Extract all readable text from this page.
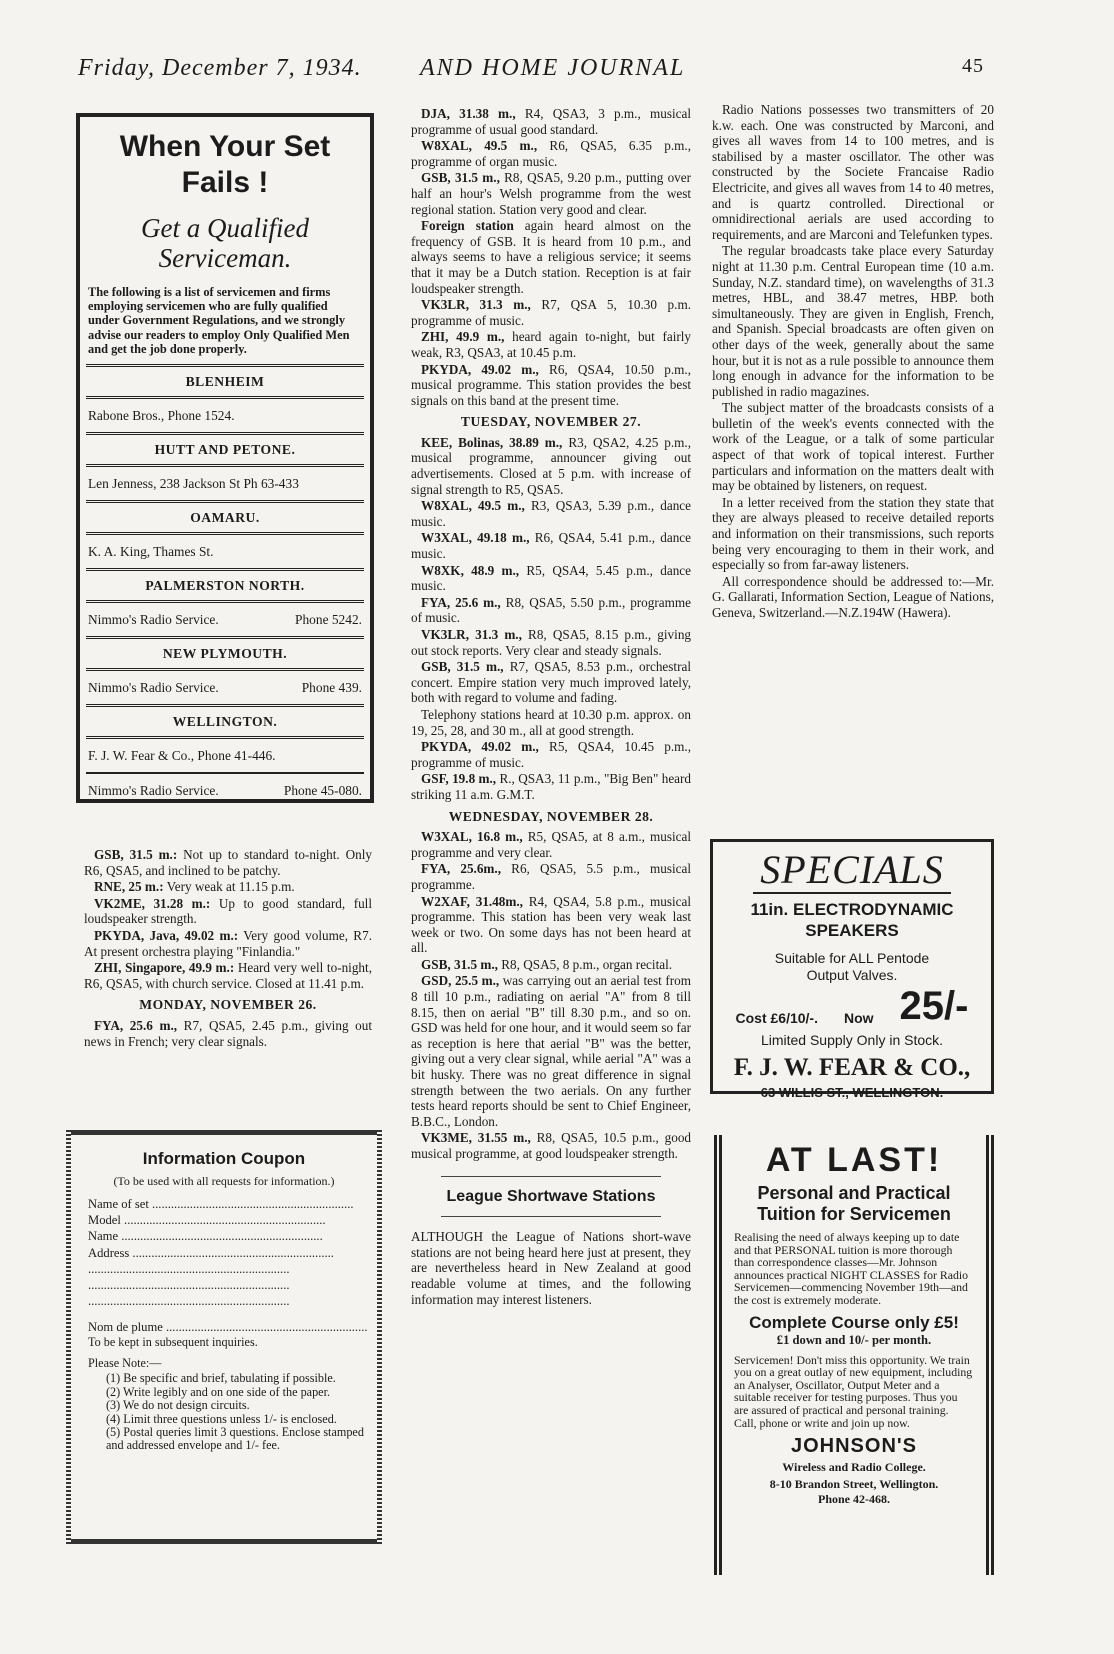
Friday, December 7, 1934. AND HOME JOURNAL	45
When Your Set Fails !
Get a Qualified Serviceman.
The following is a list of servicemen and firms employing servicemen who are fully qualified under Government Regulations, and we strongly advise our readers to employ Only Qualified Men and get the job done properly.
BLENHEIM
Rabone Bros., Phone 1524.
HUTT AND PETONE.
Len Jenness, 238 Jackson St Ph 63-433
OAMARU.
K. A. King, Thames St.
PALMERSTON NORTH.
Nimmo's Radio Service.	Phone 5242.
NEW PLYMOUTH.
Nimmo's Radio Service.	Phone 439.
WELLINGTON.
F. J. W. Fear & Co., Phone 41-446.
Nimmo's Radio Service.	Phone 45-080.

GSB, 31.5 m.: Not up to standard to-night. Only R6, QSA5, and inclined to be patchy.

RNE, 25 m.: Very weak at 11.15 p.m.

VK2ME, 31.28 m.: Up to good standard, full loudspeaker strength.

PKYDA, Java, 49.02 m.: Very good volume, R7. At present orchestra playing "Finlandia."

ZHI, Singapore, 49.9 m.: Heard very well to-night, R6, QSA5, with church service. Closed at 11.41 p.m.

MONDAY, NOVEMBER 26.

FYA, 25.6 m., R7, QSA5, 2.45 p.m., giving out news in French; very clear signals.

Information Coupon
(To be used with all requests for information.)
Name of set .....
Model .....
Name .....
Address .....
.....
.....
.....
Nom de plume .....
To be kept in subsequent inquiries.
Please Note:—
(1) Be specific and brief, tabulating if possible.
(2) Write legibly and on one side of the paper.
(3) We do not design circuits.
(4) Limit three questions unless 1/- is enclosed.
(5) Postal queries limit 3 questions. Enclose stamped and addressed envelope and 1/- fee.

DJA, 31.38 m., R4, QSA3, 3 p.m., musical programme of usual good standard.

W8XAL, 49.5 m., R6, QSA5, 6.35 p.m., programme of organ music.

GSB, 31.5 m., R8, QSA5, 9.20 p.m., putting over half an hour's Welsh programme from the west regional station. Station very good and clear.

Foreign station again heard almost on the frequency of GSB. It is heard from 10 p.m., and always seems to have a religious service; it seems that it may be a Dutch station. Reception is at fair loudspeaker strength.

VK3LR, 31.3 m., R7, QSA 5, 10.30 p.m. programme of music.

ZHI, 49.9 m., heard again to-night, but fairly weak, R3, QSA3, at 10.45 p.m.

PKYDA, 49.02 m., R6, QSA4, 10.50 p.m., musical programme. This station provides the best signals on this band at the present time.

TUESDAY, NOVEMBER 27.

KEE, Bolinas, 38.89 m., R3, QSA2, 4.25 p.m., musical programme, announcer giving out advertisements. Closed at 5 p.m. with increase of signal strength to R5, QSA5.

W8XAL, 49.5 m., R3, QSA3, 5.39 p.m., dance music.

W3XAL, 49.18 m., R6, QSA4, 5.41 p.m., dance music.

W8XK, 48.9 m., R5, QSA4, 5.45 p.m., dance music.

FYA, 25.6 m., R8, QSA5, 5.50 p.m., programme of music.

VK3LR, 31.3 m., R8, QSA5, 8.15 p.m., giving out stock reports. Very clear and steady signals.

GSB, 31.5 m., R7, QSA5, 8.53 p.m., orchestral concert. Empire station very much improved lately, both with regard to volume and fading.

Telephony stations heard at 10.30 p.m. approx. on 19, 25, 28, and 30 m., all at good strength.

PKYDA, 49.02 m., R5, QSA4, 10.45 p.m., programme of music.

GSF, 19.8 m., R., QSA3, 11 p.m., "Big Ben" heard striking 11 a.m. G.M.T.

WEDNESDAY, NOVEMBER 28.

W3XAL, 16.8 m., R5, QSA5, at 8 a.m., musical programme and very clear.

FYA, 25.6m., R6, QSA5, 5.5 p.m., musical programme.

W2XAF, 31.48m., R4, QSA4, 5.8 p.m., musical programme. This station has been very weak last week or two. On some days has not been heard at all.

GSB, 31.5 m., R8, QSA5, 8 p.m., organ recital.

GSD, 25.5 m., was carrying out an aerial test from 8 till 10 p.m., radiating on aerial "A" from 8 till 8.15, then on aerial "B" till 8.30 p.m., and so on. GSD was held for one hour, and it would seem so far as reception is here that aerial "B" was the better, giving out a very clear signal, while aerial "A" was a bit husky. There was no great difference in signal strength between the two aerials. On any further tests heard reports should be sent to Chief Engineer, B.B.C., London.

VK3ME, 31.55 m., R8, QSA5, 10.5 p.m., good musical programme, at good loudspeaker strength.

League Shortwave Stations

ALTHOUGH the League of Nations short-wave stations are not being heard here just at present, they are nevertheless heard in New Zealand at good readable volume at times, and the following information may interest listeners.

Radio Nations possesses two transmitters of 20 k.w. each. One was constructed by Marconi, and gives all waves from 14 to 100 metres, and is stabilised by a master oscillator. The other was constructed by the Societe Francaise Radio Electricite, and gives all waves from 14 to 40 metres, and is quartz controlled. Directional or omnidirectional aerials are used according to requirements, and are Marconi and Telefunken types.

The regular broadcasts take place every Saturday night at 11.30 p.m. Central European time (10 a.m. Sunday, N.Z. standard time), on wavelengths of 31.3 metres, HBL, and 38.47 metres, HBP. both simultaneously. They are given in English, French, and Spanish. Special broadcasts are often given on other days of the week, generally about the same hour, but it is not as a rule possible to announce them long enough in advance for the information to be published in radio magazines.

The subject matter of the broadcasts consists of a bulletin of the week's events connected with the work of the League, or a talk of some particular aspect of that work of topical interest. Further particulars and information on the matters dealt with may be obtained by listeners, on request.

In a letter received from the station they state that they are always pleased to receive detailed reports and information on their transmissions, such reports being very encouraging to them in their work, and especially so from far-away listeners.

All correspondence should be addressed to:—Mr. G. Gallarati, Information Section, League of Nations, Geneva, Switzerland.—N.Z.194W (Hawera).

SPECIALS
11in. ELECTRODYNAMIC
SPEAKERS
Suitable for ALL Pentode Output Valves.
Cost £6/10/-. Now 25/-
Limited Supply Only in Stock.
F. J. W. FEAR & CO.,
63 WILLIS ST., WELLINGTON.
AT LAST!
Personal and Practical Tuition for Servicemen
Realising the need of always keeping up to date and that PERSONAL tuition is more thorough than correspondence classes—Mr. Johnson announces practical NIGHT CLASSES for Radio Servicemen—commencing November 19th—and the cost is extremely moderate.
Complete Course only £5!
£1 down and 10/- per month.
Servicemen! Don't miss this opportunity. We train you on a great outlay of new equipment, including an Analyser, Oscillator, Output Meter and a suitable receiver for testing purposes. Thus you are assured of practical and personal training. Call, phone or write and join up now.
JOHNSON'S
Wireless and Radio College.
8-10 Brandon Street, Wellington.
Phone 42-468.
